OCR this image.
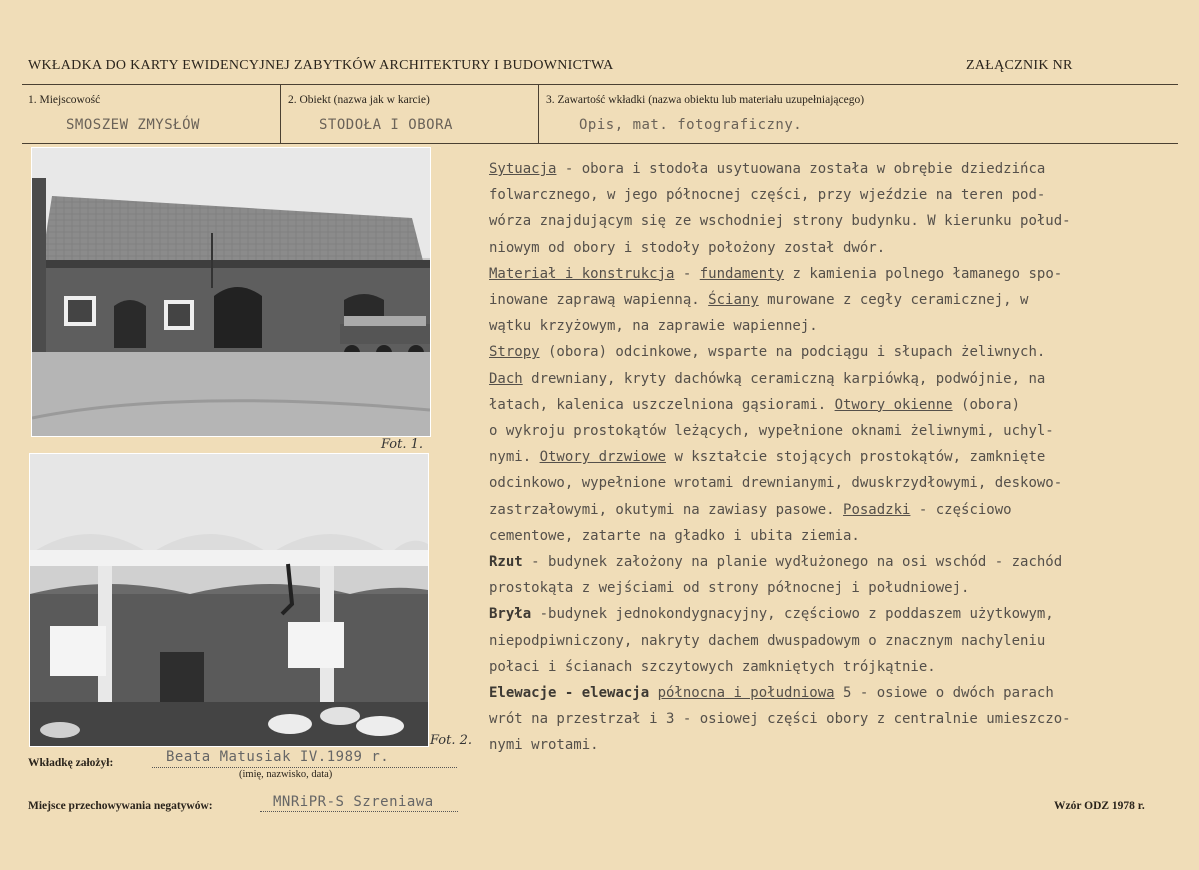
WKŁADKA DO KARTY EWIDENCYJNEJ ZABYTKÓW ARCHITEKTURY I BUDOWNICTWA	ZAŁĄCZNIK NR
1. Miejscowość
SMOSZEW ZMYSŁÓW
2. Obiekt (nazwa jak w karcie)
STODOŁA I OBORA
3. Zawartość wkładki (nazwa obiektu lub materiału uzupełniającego)
Opis, mat. fotograficzny.
Fot. 1.
Fot. 2.

Sytuacja - obora i stodoła usytuowana została w obrębie dziedzińca

folwarcznego, w jego północnej części, przy wjeździe na teren pod-

wórza znajdującym się ze wschodniej strony budynku. W kierunku połud-

niowym od obory i stodoły położony został dwór.

Materiał i konstrukcja - fundamenty z kamienia polnego łamanego spo-

inowane zaprawą wapienną. Ściany murowane z cegły ceramicznej, w

wątku krzyżowym, na zaprawie wapiennej.

Stropy (obora) odcinkowe, wsparte na podciągu i słupach żeliwnych.

Dach drewniany, kryty dachówką ceramiczną karpiówką, podwójnie, na

łatach, kalenica uszczelniona gąsiorami. Otwory okienne (obora)

o wykroju prostokątów leżących, wypełnione oknami żeliwnymi, uchyl-

nymi. Otwory drzwiowe w kształcie stojących prostokątów, zamknięte

odcinkowo, wypełnione wrotami drewnianymi, dwuskrzydłowymi, deskowo-

zastrzałowymi, okutymi na zawiasy pasowe. Posadzki - częściowo

cementowe, zatarte na gładko i ubita ziemia.

Rzut - budynek założony na planie wydłużonego na osi wschód - zachód

prostokąta z wejściami od strony północnej i południowej.

Bryła -budynek jednokondygnacyjny, częściowo z poddaszem użytkowym,

niepodpiwniczony, nakryty dachem dwuspadowym o znacznym nachyleniu

połaci i ścianach szczytowych zamkniętych trójkątnie.

Elewacje - elewacja północna i południowa 5 - osiowe o dwóch parach

wrót na przestrzał i 3 - osiowej części obory z centralnie umieszczo-

nymi wrotami.

Wkładkę założył:	Beata Matusiak IV.1989 r.
(imię, nazwisko, data)
Miejsce przechowywania negatywów:	MNRiPR-S Szreniawa	Wzór ODZ 1978 r.
